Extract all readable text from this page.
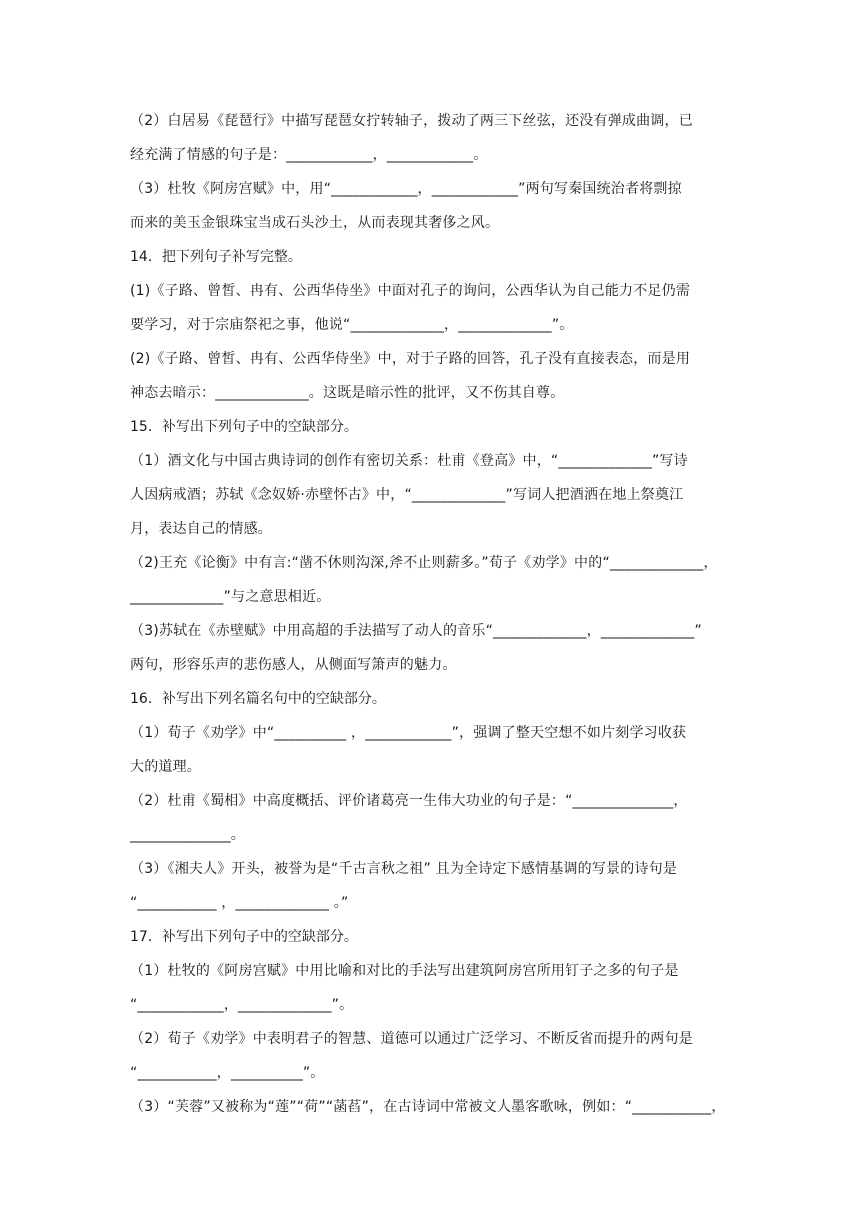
（2）白居易《琵琶行》中描写琵琶女拧转轴子，拨动了两三下丝弦，还没有弹成曲调，已
经充满了情感的句子是：____________，____________。
（3）杜牧《阿房宫赋》中，用“____________，____________”两句写秦国统治者将剽掠
而来的美玉金银珠宝当成石头沙土，从而表现其奢侈之风。
14．把下列句子补写完整。
(1)《子路、曾皙、冉有、公西华侍坐》中面对孔子的询问，公西华认为自己能力不足仍需
要学习，对于宗庙祭祀之事，他说“_____________，_____________”。
(2)《子路、曾皙、冉有、公西华侍坐》中，对于子路的回答，孔子没有直接表态，而是用
神态去暗示：_____________。这既是暗示性的批评，又不伤其自尊。
15．补写出下列句子中的空缺部分。
（1）酒文化与中国古典诗词的创作有密切关系：杜甫《登高》中，“_____________”写诗
人因病戒酒；苏轼《念奴娇·赤壁怀古》中，“_____________”写词人把酒洒在地上祭奠江
月，表达自己的情感。
（2)王充《论衡》中有言:“凿不休则沟深,斧不止则薪多。”荀子《劝学》中的“_____________，
_____________”与之意思相近。
（3)苏轼在《赤壁赋》中用高超的手法描写了动人的音乐“_____________，_____________”
两句，形容乐声的悲伤感人，从侧面写箫声的魅力。
16．补写出下列名篇名句中的空缺部分。
（1）荀子《劝学》中“__________ ，____________”，强调了整天空想不如片刻学习收获
大的道理。
（2）杜甫《蜀相》中高度概括、评价诸葛亮一生伟大功业的句子是：“______________，
______________。
（3）《湘夫人》开头，被誉为是“千古言秋之祖” 且为全诗定下感情基调的写景的诗句是
“___________ ，_____________ 。”
17．补写出下列句子中的空缺部分。
（1）杜牧的《阿房宫赋》中用比喻和对比的手法写出建筑阿房宫所用钉子之多的句子是
“____________，_____________”。
（2）荀子《劝学》中表明君子的智慧、道德可以通过广泛学习、不断反省而提升的两句是
“___________，__________”。
（3）“芙蓉”又被称为“莲”“荷”“菡萏”，在古诗词中常被文人墨客歌咏，例如：“___________，
